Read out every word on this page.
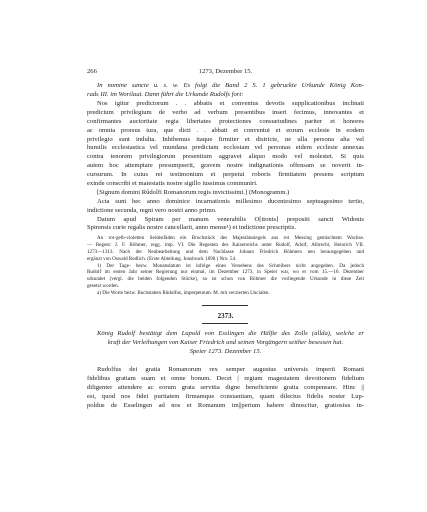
266	1273, Dezember 15.
In nomine sancte u. s. w. Es folgt die Band 2 S. 1 gebruckte Urkunde König Kon-
rads III. im Wortlaut. Dann führt die Urkunde Rudolfs fort:
Nos igitur predictorum . . abbatis et conventus devotis supplicationibus inclinati
predictum privilegium de verbo ad verbum presentibus inseri fecimus, innovantes et
confirmantes auctoritate regia libertates protectiones consuetudines pariter et honores
ac omnia prorsus iura, que dicti . . abbati et conventui et eorum ecclesie in eodem
privilegio sunt indulta. Inhibemus itaque firmiter et districte, ne ulla persona alta vel
humilis ecclesiastica vel mundana predictam ecclesiam vel personas eidem ecclesie annexas
contra tenorem privilegiorum presentium aggravet aliquo modo vel molestet. Si quis
autem hoc attemptare presumpserit, gravem nostre indignationis offensam se noverit in-
cursurum. In cuius rei testimonium et perpetui roboris firmitatem presens scriptum
exinde conscribi et maiestatis nostre sigillo iussimus communiri.
[Signum domini Rûdolfi Romanorum regis invictissimi.] (Monogramm.)
Acta sunt hec anno dominice incarnationis millesimo ducentesimo septuagesimo tertio,
indictione secunda, regni vero nostri anno primo.
Datum apud Spiram per manum venerabilis O[ttonis] prepositi sancti Widonis
Spirensis curie regalis nostre cancellarii, anno mense¹) et indictione prescriptis.
An rot-gelb-violetten Seidenfäden ein Bruchstück des Majestätssiegels aus rot Messing gemischtem Wachse.
— Regest: J. F. Böhmer, regg. imp. VI. Die Regesten des Kaiserreichs unter Rudolf, Adolf, Albrecht, Heinrich VII.
1273—1313. Nach der Neubearbeitung und dem Nachlasse Johann Friedrich Böhmers neu herausgegeben und
ergänzt von Oswald Redlich. (Erste Abteilung. Innsbruck 1898.) Nro. 54.
1) Der Tage- bezw. Monatsdatum ist infolge eines Versehens des Schreibers nicht angegeben. Da jedoch
Rudolf im ersten Jahr seiner Regierung nur einmal, im Dezember 1273, in Speier war, wo er vom 15.—16. Dezember
urkundet (vergl. die beiden folgenden Stücke), so ist schon von Böhmer die vorliegende Urkunde in diese Zeit
gesetzt worden.
a) Die Worte bezw. Buchstaben Rûdolfus, imperpetuum. M. mit verzierten Uncialen.
2373.
König Rudolf bestätigt dem Lupold von Esslingen die Hälfte des Zolls (allda), welche er
kraft der Verleihungen von Kaiser Friedrich und seinen Vorgängern seither besessen hat.
Speier 1273. Dezember 15.
Rudolfus dei gratia Romanorum rex semper augustus universis imperii Romani
fidelibus gratiam suam et omne bonum. Decet | regiam magestatem devotionem fidelium
diligenter attendere ac eorum grata servitia digne beneficiente gratia compensare. Hinc ||
est, quod nos fidei puritatem firmamque constantiam, quam dilectus fidelis noster Lup-
poldus de Esselingen ad nos et Romanum im||perium habere dinoscitur, gratiosius in-
